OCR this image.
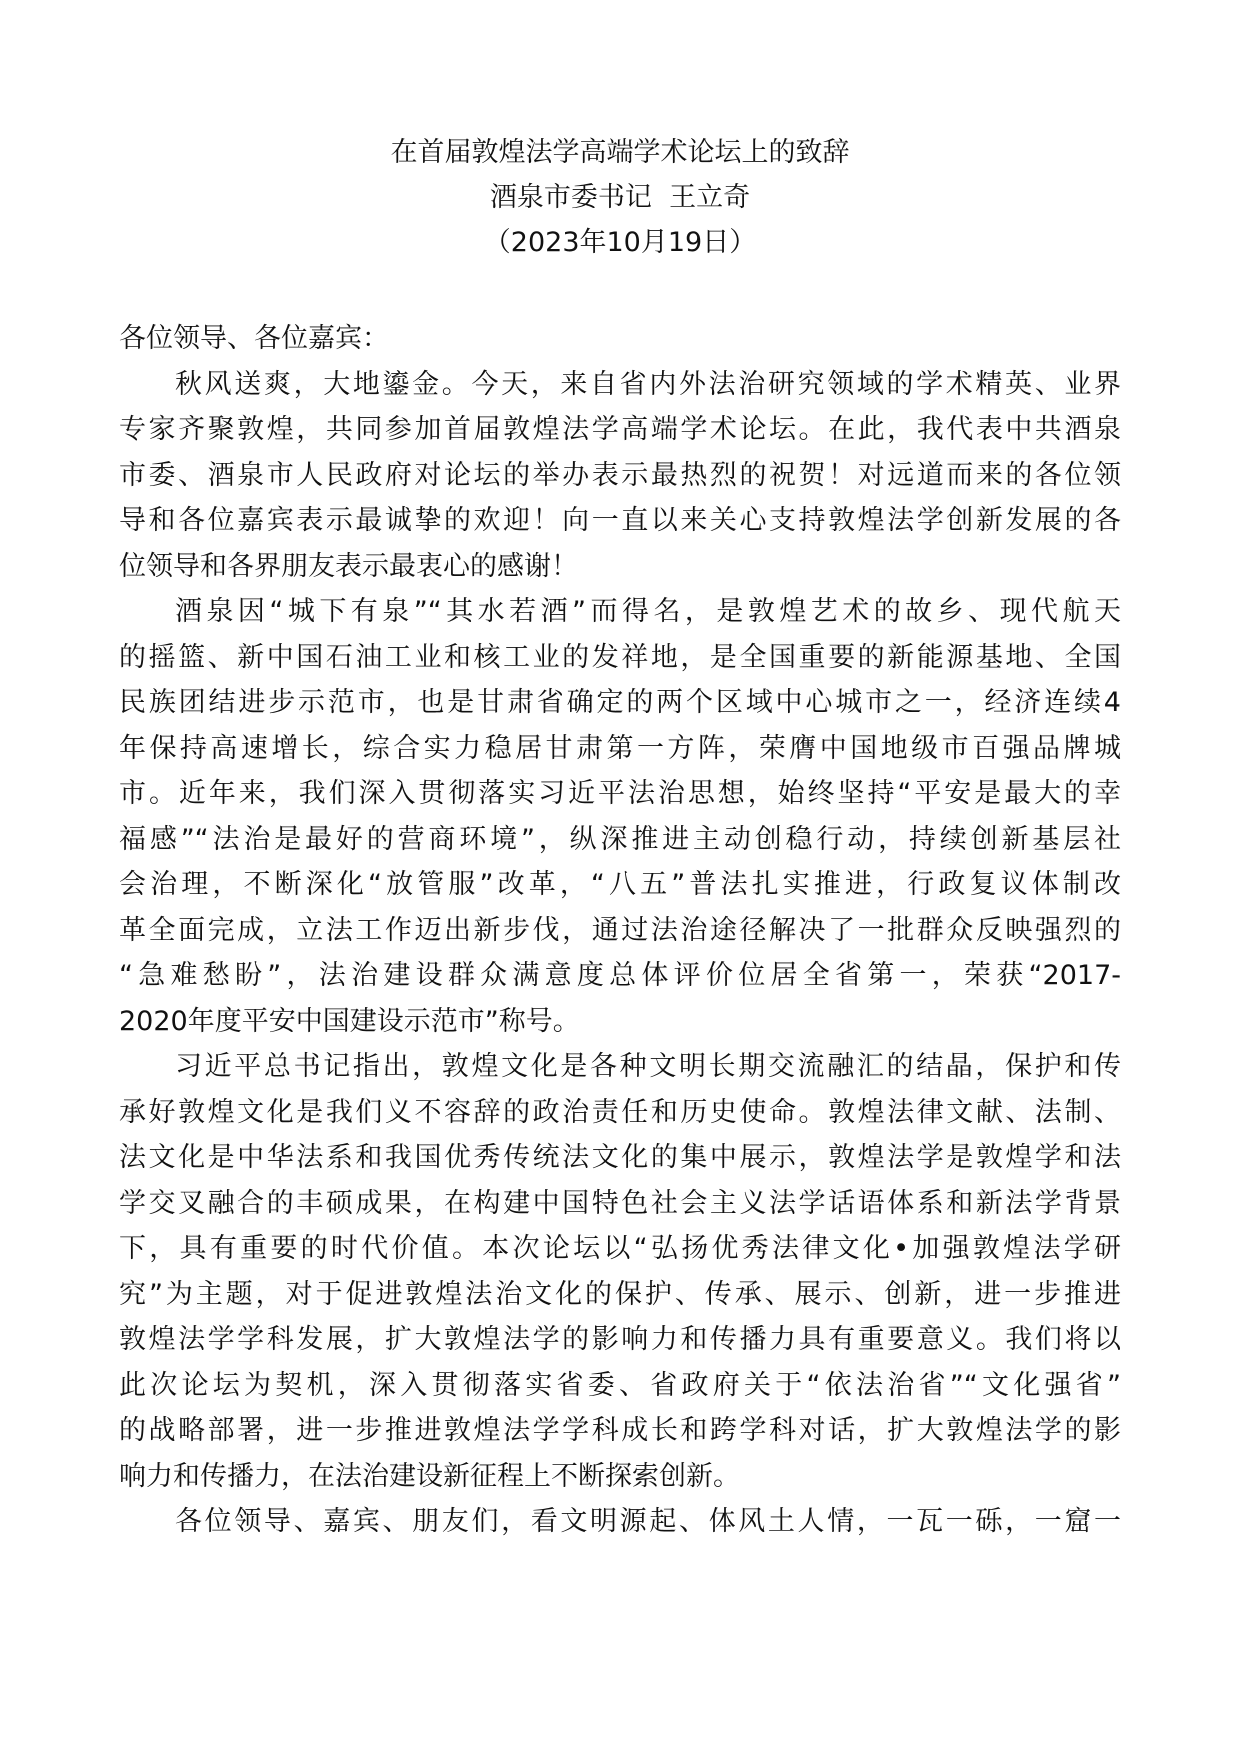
在首届敦煌法学高端学术论坛上的致辞
酒泉市委书记  王立奇
（2023年10月19日）
各位领导、各位嘉宾：
秋风送爽，大地鎏金。今天，来自省内外法治研究领域的学术精英、业界
专家齐聚敦煌，共同参加首届敦煌法学高端学术论坛。在此，我代表中共酒泉
市委、酒泉市人民政府对论坛的举办表示最热烈的祝贺！对远道而来的各位领
导和各位嘉宾表示最诚挚的欢迎！向一直以来关心支持敦煌法学创新发展的各
位领导和各界朋友表示最衷心的感谢！
酒泉因“城下有泉”“其水若酒”而得名，是敦煌艺术的故乡、现代航天
的摇篮、新中国石油工业和核工业的发祥地，是全国重要的新能源基地、全国
民族团结进步示范市，也是甘肃省确定的两个区域中心城市之一，经济连续4
年保持高速增长，综合实力稳居甘肃第一方阵，荣膺中国地级市百强品牌城
市。近年来，我们深入贯彻落实习近平法治思想，始终坚持“平安是最大的幸
福感”“法治是最好的营商环境”，纵深推进主动创稳行动，持续创新基层社
会治理，不断深化“放管服”改革，“八五”普法扎实推进，行政复议体制改
革全面完成，立法工作迈出新步伐，通过法治途径解决了一批群众反映强烈的
“急难愁盼”，法治建设群众满意度总体评价位居全省第一，荣获“2017-
2020年度平安中国建设示范市”称号。
习近平总书记指出，敦煌文化是各种文明长期交流融汇的结晶，保护和传
承好敦煌文化是我们义不容辞的政治责任和历史使命。敦煌法律文献、法制、
法文化是中华法系和我国优秀传统法文化的集中展示，敦煌法学是敦煌学和法
学交叉融合的丰硕成果，在构建中国特色社会主义法学话语体系和新法学背景
下，具有重要的时代价值。本次论坛以“弘扬优秀法律文化•加强敦煌法学研
究”为主题，对于促进敦煌法治文化的保护、传承、展示、创新，进一步推进
敦煌法学学科发展，扩大敦煌法学的影响力和传播力具有重要意义。我们将以
此次论坛为契机，深入贯彻落实省委、省政府关于“依法治省”“文化强省”
的战略部署，进一步推进敦煌法学学科成长和跨学科对话，扩大敦煌法学的影
响力和传播力，在法治建设新征程上不断探索创新。
各位领导、嘉宾、朋友们，看文明源起、体风土人情，一瓦一砾，一窟一
